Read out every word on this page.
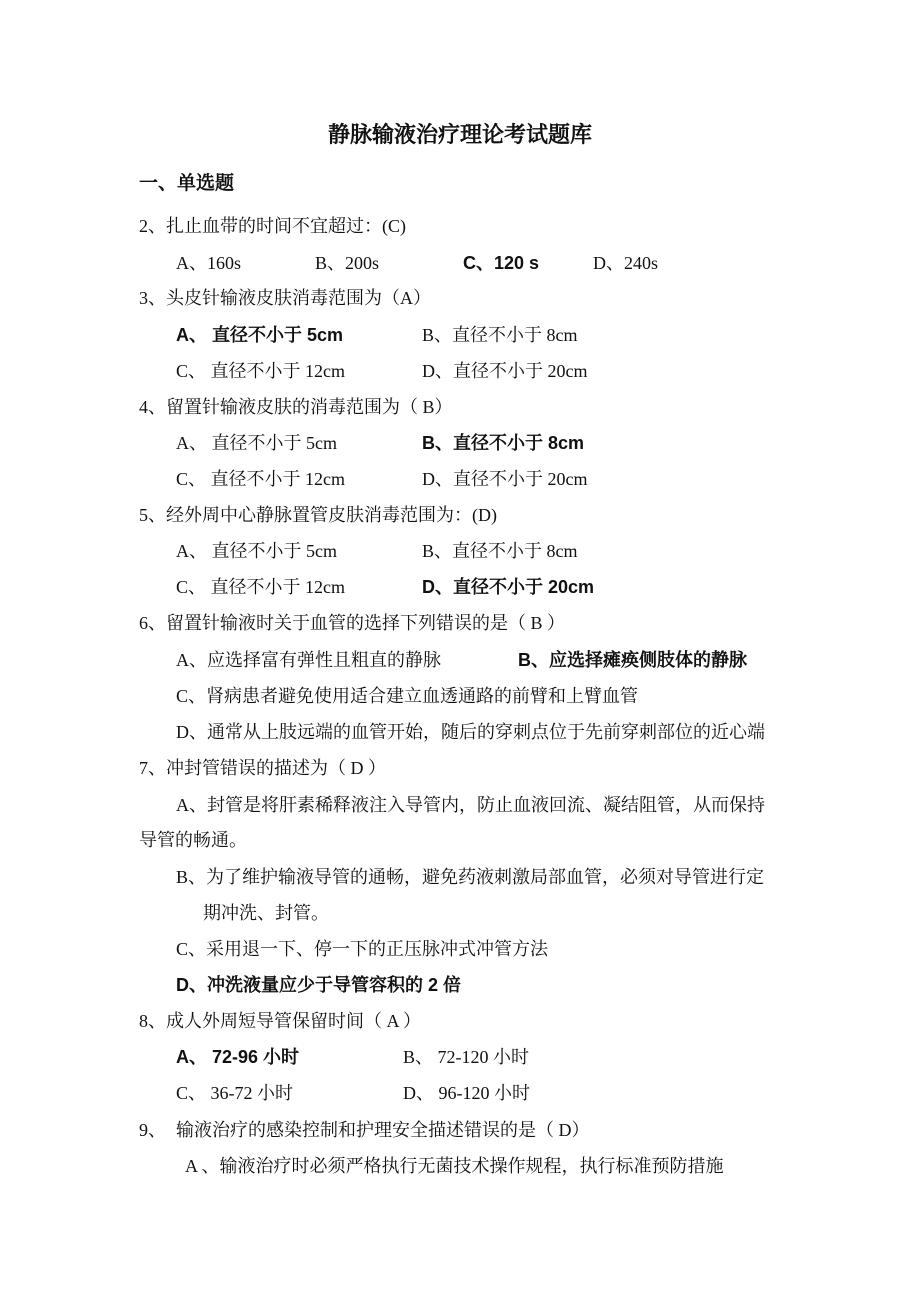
静脉输液治疗理论考试题库
一、单选题
2、扎止血带的时间不宜超过：(C)
A、160s	B、200s	C、120 s	D、240s
3、头皮针输液皮肤消毒范围为（A）
A、 直径不小于 5cm	B、直径不小于 8cm
C、 直径不小于 12cm	D、直径不小于 20cm
4、留置针输液皮肤的消毒范围为（ B）
A、 直径不小于 5cm	B、直径不小于 8cm
C、 直径不小于 12cm	D、直径不小于 20cm
5、经外周中心静脉置管皮肤消毒范围为：(D)
A、 直径不小于 5cm	B、直径不小于 8cm
C、 直径不小于 12cm	D、直径不小于 20cm
6、留置针输液时关于血管的选择下列错误的是（ B ）
A、应选择富有弹性且粗直的静脉	B、应选择瘫痪侧肢体的静脉
C、肾病患者避免使用适合建立血透通路的前臂和上臂血管
D、通常从上肢远端的血管开始，随后的穿刺点位于先前穿刺部位的近心端
7、冲封管错误的描述为（ D ）
A、封管是将肝素稀释液注入导管内，防止血液回流、凝结阻管，从而保持
导管的畅通。
B、为了维护输液导管的通畅，避免药液刺激局部血管，必须对导管进行定
期冲洗、封管。
C、采用退一下、停一下的正压脉冲式冲管方法
D、冲洗液量应少于导管容积的 2 倍
8、成人外周短导管保留时间（ A ）
A、 72-96 小时	B、 72-120 小时
C、 36-72 小时	D、 96-120 小时
9、 输液治疗的感染控制和护理安全描述错误的是（ D）
A 、输液治疗时必须严格执行无菌技术操作规程，执行标准预防措施
